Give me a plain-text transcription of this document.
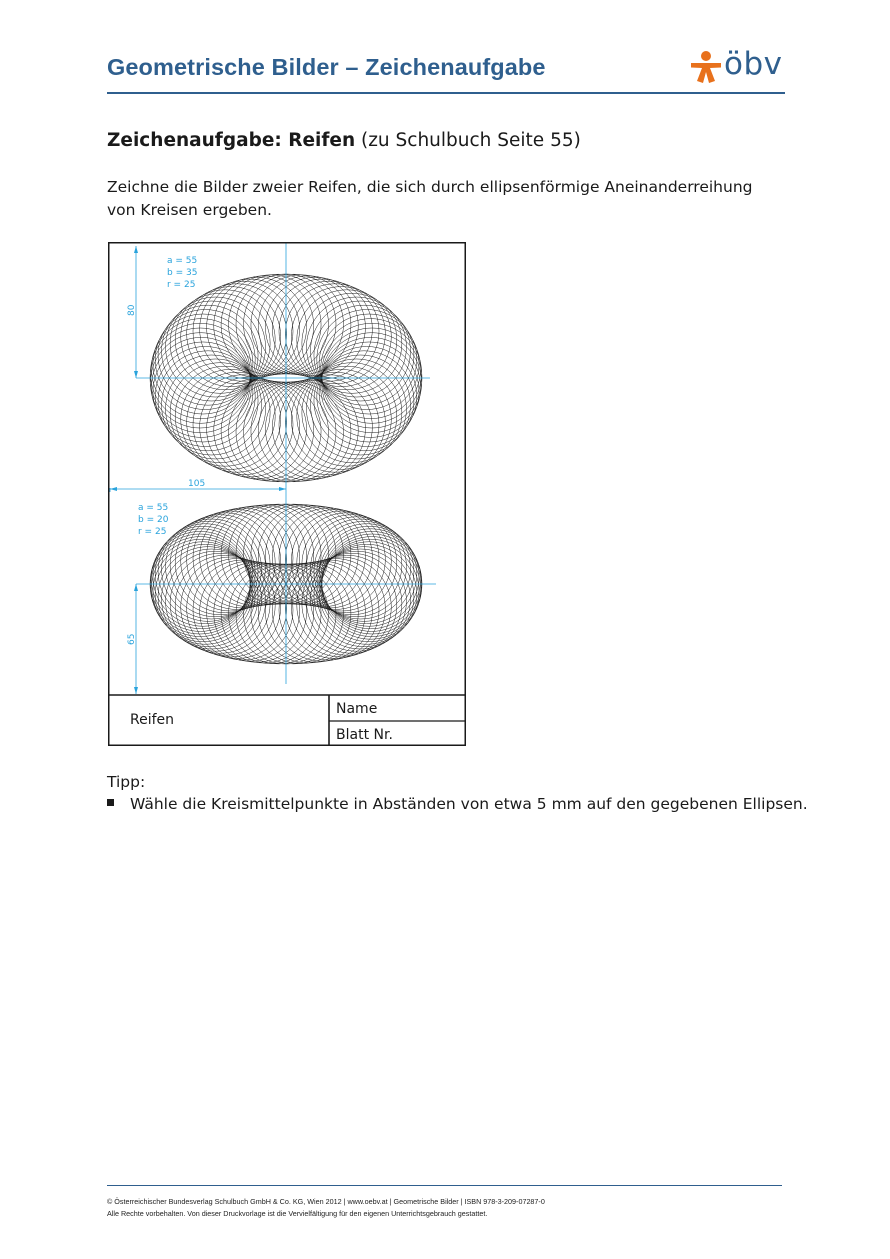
Geometrische Bilder – Zeichenaufgabe	öbv
Zeichenaufgabe: Reifen (zu Schulbuch Seite 55)
Zeichne die Bilder zweier Reifen, die sich durch ellipsenförmige Aneinanderreihung von Kreisen ergeben.
a = 55
b = 35
r = 25
a = 55
b = 20
r = 25
105
80
65
Reifen
Name
Blatt Nr.
Tipp:
Wähle die Kreismittelpunkte in Abständen von etwa 5 mm auf den gegebenen Ellipsen.
© Österreichischer Bundesverlag Schulbuch GmbH & Co. KG, Wien 2012 | www.oebv.at | Geometrische Bilder | ISBN 978-3-209-07287-0
Alle Rechte vorbehalten. Von dieser Druckvorlage ist die Vervielfältigung für den eigenen Unterrichtsgebrauch gestattet.
